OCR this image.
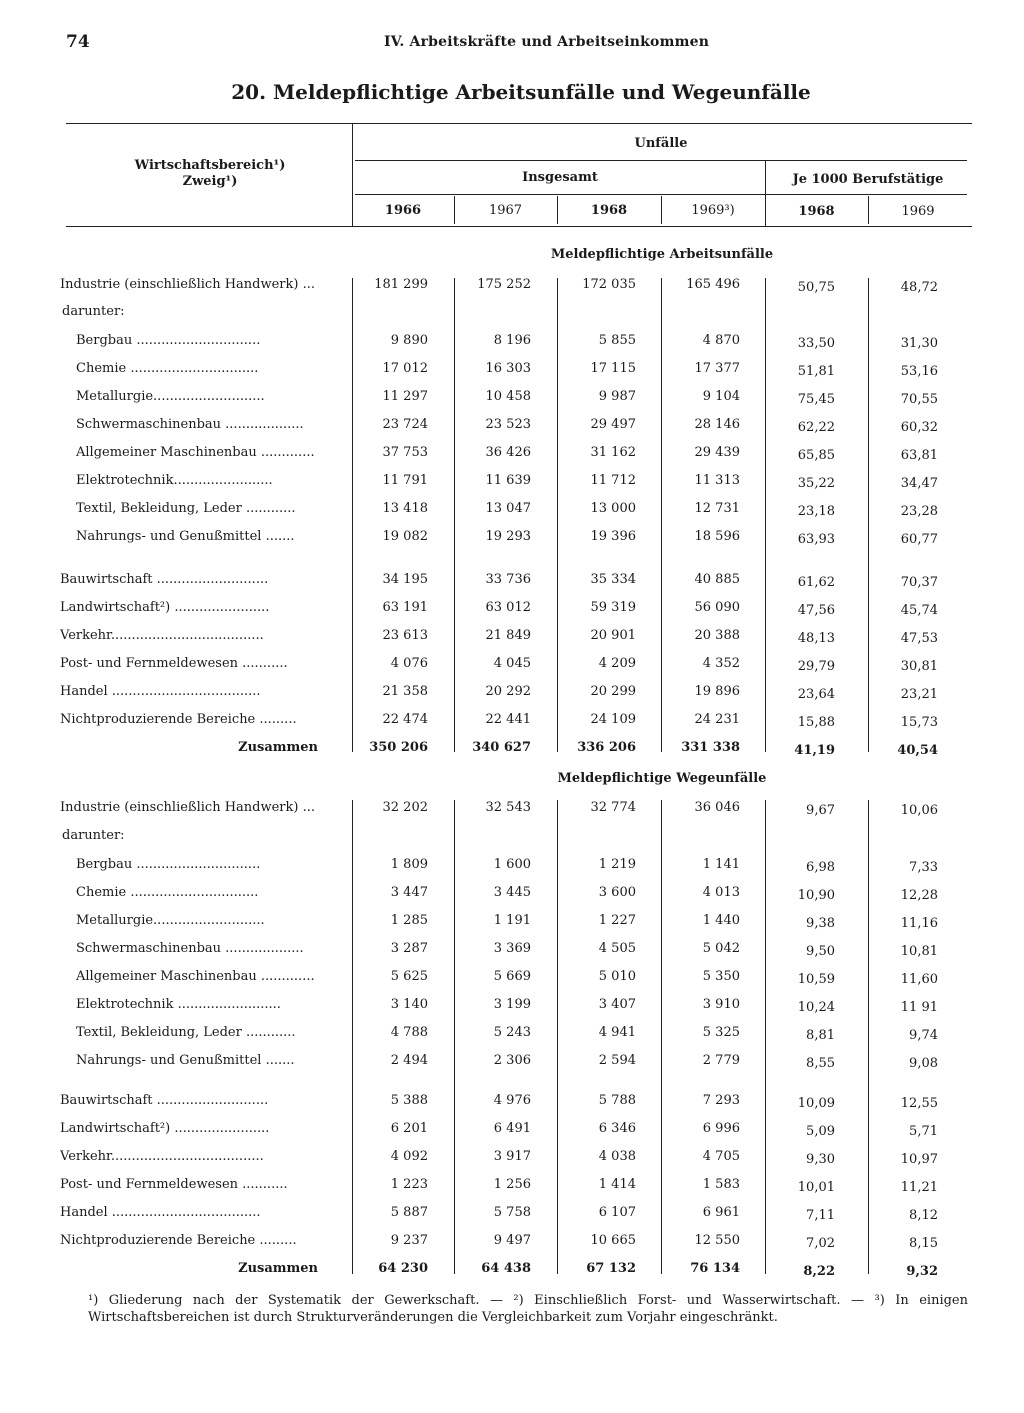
74	IV. Arbeitskräfte und Arbeitseinkommen
20. Meldepflichtige Arbeitsunfälle und Wegeunfälle
Wirtschaftsbereich¹)
Zweig¹)
Unfälle
Insgesamt	Je 1000 Berufstätige
1966	1967	1968	1969³)	1968	1969
Meldepflichtige Arbeitsunfälle
Meldepflichtige Wegeunfälle
Industrie (einschließlich Handwerk) ...	181 299	175 252	172 035	165 496	50,75	48,72
darunter:
Bergbau ..............................	9 890	8 196	5 855	4 870	33,50	31,30
Chemie ...............................	17 012	16 303	17 115	17 377	51,81	53,16
Metallurgie...........................	11 297	10 458	9 987	9 104	75,45	70,55
Schwermaschinenbau ...................	23 724	23 523	29 497	28 146	62,22	60,32
Allgemeiner Maschinenbau .............	37 753	36 426	31 162	29 439	65,85	63,81
Elektrotechnik........................	11 791	11 639	11 712	11 313	35,22	34,47
Textil, Bekleidung, Leder ............	13 418	13 047	13 000	12 731	23,18	23,28
Nahrungs- und Genußmittel .......	19 082	19 293	19 396	18 596	63,93	60,77
Bauwirtschaft ...........................	34 195	33 736	35 334	40 885	61,62	70,37
Landwirtschaft²) .......................	63 191	63 012	59 319	56 090	47,56	45,74
Verkehr.....................................	23 613	21 849	20 901	20 388	48,13	47,53
Post- und Fernmeldewesen ...........	4 076	4 045	4 209	4 352	29,79	30,81
Handel ....................................	21 358	20 292	20 299	19 896	23,64	23,21
Nichtproduzierende Bereiche .........	22 474	22 441	24 109	24 231	15,88	15,73
Zusammen	350 206	340 627	336 206	331 338	41,19	40,54
Industrie (einschließlich Handwerk) ...	32 202	32 543	32 774	36 046	9,67	10,06
darunter:
Bergbau ..............................	1 809	1 600	1 219	1 141	6,98	7,33
Chemie ...............................	3 447	3 445	3 600	4 013	10,90	12,28
Metallurgie...........................	1 285	1 191	1 227	1 440	9,38	11,16
Schwermaschinenbau ...................	3 287	3 369	4 505	5 042	9,50	10,81
Allgemeiner Maschinenbau .............	5 625	5 669	5 010	5 350	10,59	11,60
Elektrotechnik .........................	3 140	3 199	3 407	3 910	10,24	11 91
Textil, Bekleidung, Leder ............	4 788	5 243	4 941	5 325	8,81	9,74
Nahrungs- und Genußmittel .......	2 494	2 306	2 594	2 779	8,55	9,08
Bauwirtschaft ...........................	5 388	4 976	5 788	7 293	10,09	12,55
Landwirtschaft²) .......................	6 201	6 491	6 346	6 996	5,09	5,71
Verkehr.....................................	4 092	3 917	4 038	4 705	9,30	10,97
Post- und Fernmeldewesen ...........	1 223	1 256	1 414	1 583	10,01	11,21
Handel ....................................	5 887	5 758	6 107	6 961	7,11	8,12
Nichtproduzierende Bereiche .........	9 237	9 497	10 665	12 550	7,02	8,15
Zusammen	64 230	64 438	67 132	76 134	8,22	9,32
¹) Gliederung nach der Systematik der Gewerkschaft. — ²) Einschließlich Forst- und Wasserwirtschaft. — ³) In einigen Wirtschaftsbereichen ist durch Strukturveränderungen die Vergleichbarkeit zum Vorjahr eingeschränkt.
